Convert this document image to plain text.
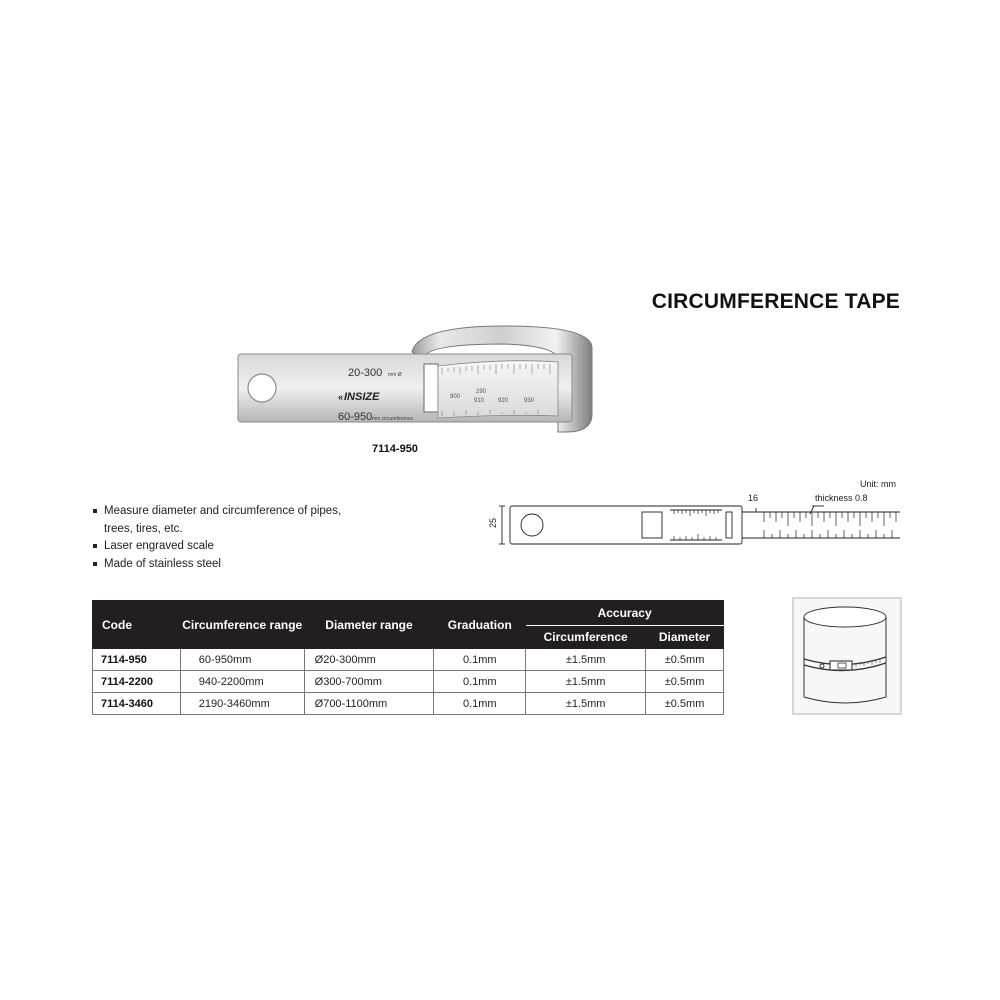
CIRCUMFERENCE TAPE
20-300 mm Ø
INSIZE
«
60-950 mm circumference
900
290
910 920	930
7114-950
Measure diameter and circumference of pipes, trees, tires, etc.
Laser engraved scale
Made of stainless steel
Unit: mm
thickness 0.8
16
25
Code	Circumference range	Diameter range	Graduation	Accuracy	
				Circumference	Diameter
7114-950	60-950mm	Ø20-300mm	0.1mm	±1.5mm	±0.5mm
7114-2200	940-2200mm	Ø300-700mm	0.1mm	±1.5mm	±0.5mm
7114-3460	2190-3460mm	Ø700-1100mm	0.1mm	±1.5mm	±0.5mm
